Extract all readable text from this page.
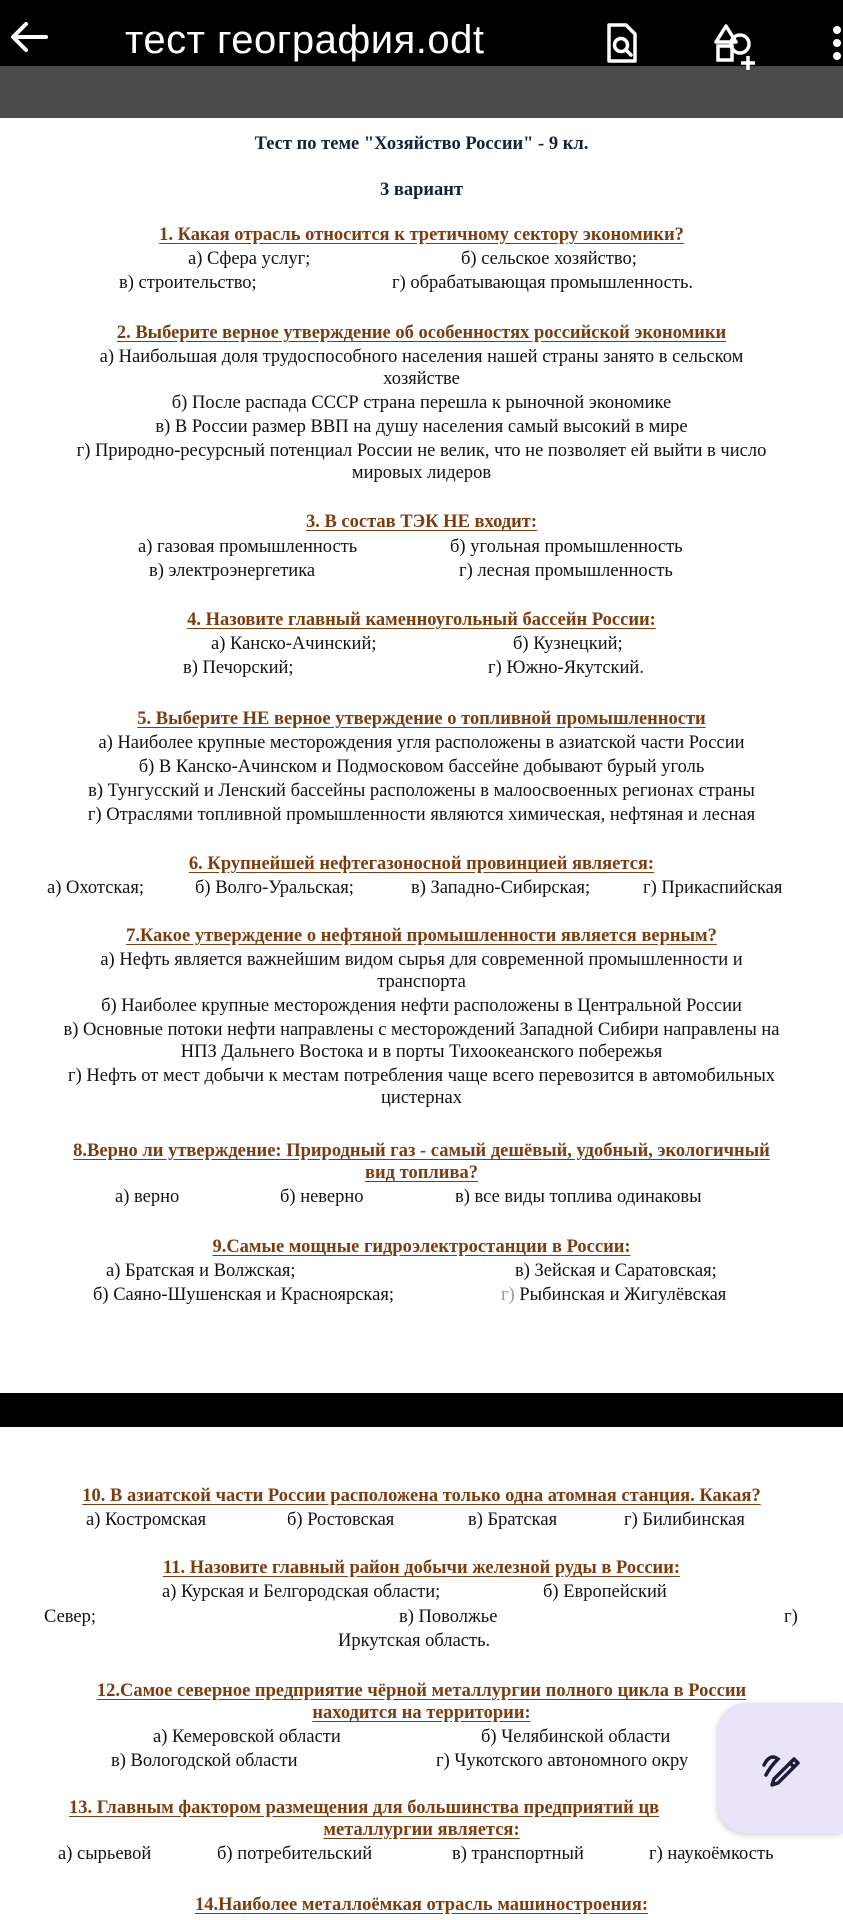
тест география.odt
Тест по теме "Хозяйство России" - 9 кл.
3 вариант
1. Какая отрасль относится к третичному сектору экономики?
а) Сфера услуг;	б) сельское хозяйство;
в) строительство;	г) обрабатывающая промышленность.
2. Выберите верное утверждение об особенностях российской экономики
а) Наибольшая доля трудоспособного населения нашей страны занято в сельском
хозяйстве
б) После распада СССР страна перешла к рыночной экономике
в) В России размер ВВП на душу населения самый высокий в мире
г) Природно-ресурсный потенциал России не велик, что не позволяет ей выйти в число
мировых лидеров
3. В состав ТЭК НЕ входит:
а) газовая промышленность	б) угольная промышленность
в) электроэнергетика	г) лесная промышленность
4. Назовите главный каменноугольный бассейн России:
а) Канско-Ачинский;	б) Кузнецкий;
в) Печорский;	г) Южно-Якутский.
5. Выберите НЕ верное утверждение о топливной промышленности
а) Наиболее крупные месторождения угля расположены в азиатской части России
б) В Канско-Ачинском и Подмосковом бассейне добывают бурый уголь
в) Тунгусский и Ленский бассейны расположены в малоосвоенных регионах страны
г) Отраслями топливной промышленности являются химическая, нефтяная и лесная
6. Крупнейшей нефтегазоносной провинцией является:
а) Охотская;	б) Волго-Уральская;	в) Западно-Сибирская;	г) Прикаспийская
7.Какое утверждение о нефтяной промышленности является верным?
а) Нефть является важнейшим видом сырья для современной промышленности и
транспорта
б) Наиболее крупные месторождения нефти расположены в Центральной России
в) Основные потоки нефти направлены с месторождений Западной Сибири направлены на
НПЗ Дальнего Востока и в порты Тихоокеанского побережья
г) Нефть от мест добычи к местам потребления чаще всего перевозится в автомобильных
цистернах
8.Верно ли утверждение: Природный газ - самый дешёвый, удобный, экологичный
вид топлива?
а) верно	б) неверно	в) все виды топлива одинаковы
9.Самые мощные гидроэлектростанции в России:
а) Братская и Волжская;	в) Зейская и Саратовская;
б) Саяно-Шушенская и Красноярская;	г) Рыбинская и Жигулёвская
10. В азиатской части России расположена только одна атомная станция. Какая?
а) Костромская	б) Ростовская	в) Братская	г) Билибинская
11. Назовите главный район добычи железной руды в России:
а) Курская и Белгородская области;	б) Европейский
Север;	в) Поволжье	г)
Иркутская область.
12.Самое северное предприятие чёрной металлургии полного цикла в России
находится на территории:
а) Кемеровской области	б) Челябинской области
в) Вологодской области	г) Чукотского автономного окру
13. Главным фактором размещения для большинства предприятий цв
металлургии является:
а) сырьевой	б) потребительский	в) транспортный	г) наукоёмкость
14.Наиболее металлоёмкая отрасль машиностроения:
